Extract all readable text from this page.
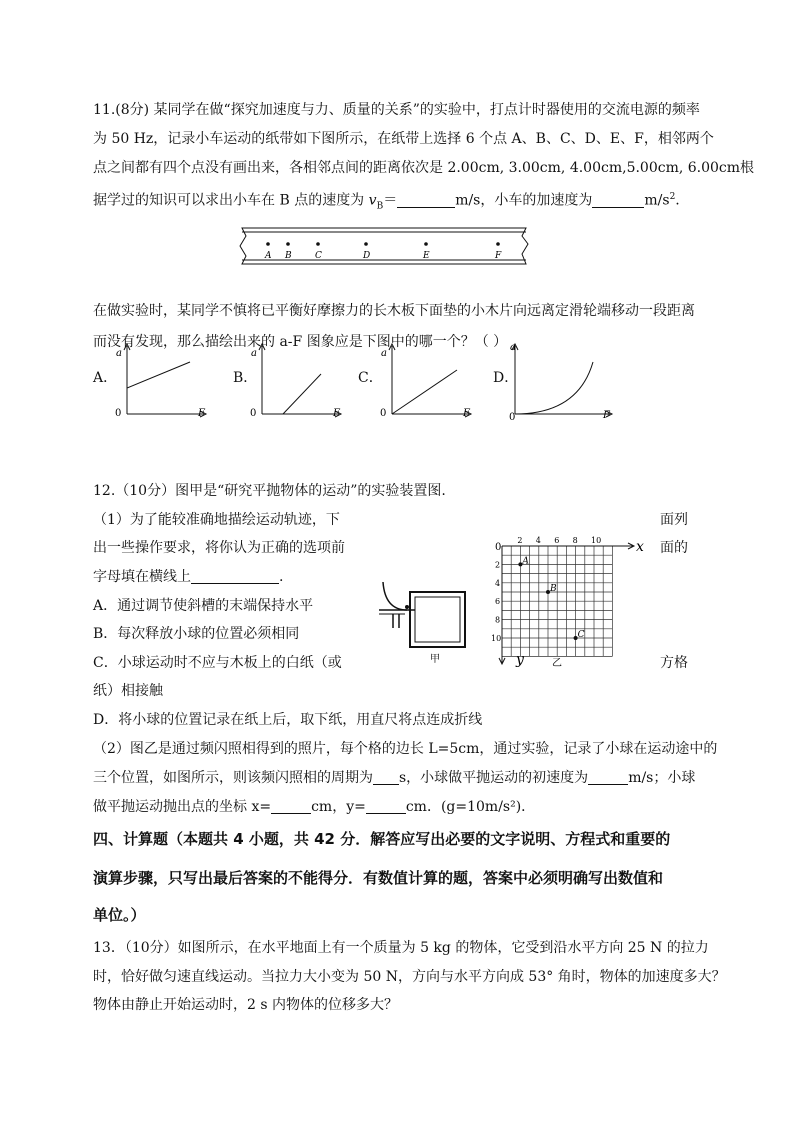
11.(8分) 某同学在做“探究加速度与力、质量的关系”的实验中，打点计时器使用的交流电源的频率
为 50 Hz，记录小车运动的纸带如下图所示，在纸带上选择 6 个点 A、B、C、D、E、F，相邻两个
点之间都有四个点没有画出来，各相邻点间的距离依次是 2.00cm, 3.00cm, 4.00cm,5.00cm, 6.00cm根
据学过的知识可以求出小车在 B 点的速度为 $v_B=$	m/s，小车的加速度为	$m/s^2$.
A B	C	D	E	F
在做实验时，某同学不慎将已平衡好摩擦力的长木板下面垫的小木片向远离定滑轮端移动一段距离
而没有发现，那么描绘出来的 a-F 图象应是下图中的哪一个？（ ）
A．
a
0	F
B．
a
0	F
C．
a
0	F
D．
a
0	F
12.（10分）图甲是“研究平抛物体的运动”的实验装置图.
（1）为了能较准确地描绘运动轨迹，下	面列
出一些操作要求，将你认为正确的选项前	面的
字母填在横线上	.
A．通过调节使斜槽的末端保持水平
B．每次释放小球的位置必须相同
C．小球运动时不应与木板上的白纸（或	方格
纸）相接触
D．将小球的位置记录在纸上后，取下纸，用直尺将点连成折线
甲
2 4 6 8 10
2
4
6
8
10
A
B
C
0	x
y	乙
（2）图乙是通过频闪照相得到的照片，每个格的边长 L=5cm，通过实验，记录了小球在运动途中的
三个位置，如图所示，则该频闪照相的周期为 s，小球做平抛运动的初速度为	m/s；小球
做平抛运动抛出点的坐标 x=	cm，y=	cm．(g=10m/s²)．
四、计算题（本题共 4 小题，共 42 分．解答应写出必要的文字说明、方程式和重要的
演算步骤，只写出最后答案的不能得分．有数值计算的题，答案中必须明确写出数值和
单位。）
13．（10分）如图所示，在水平地面上有一个质量为 5 kg 的物体，它受到沿水平方向 25 N 的拉力
时，恰好做匀速直线运动。当拉力大小变为 50 N，方向与水平方向成 53° 角时，物体的加速度多大？
物体由静止开始运动时，2 s 内物体的位移多大？
